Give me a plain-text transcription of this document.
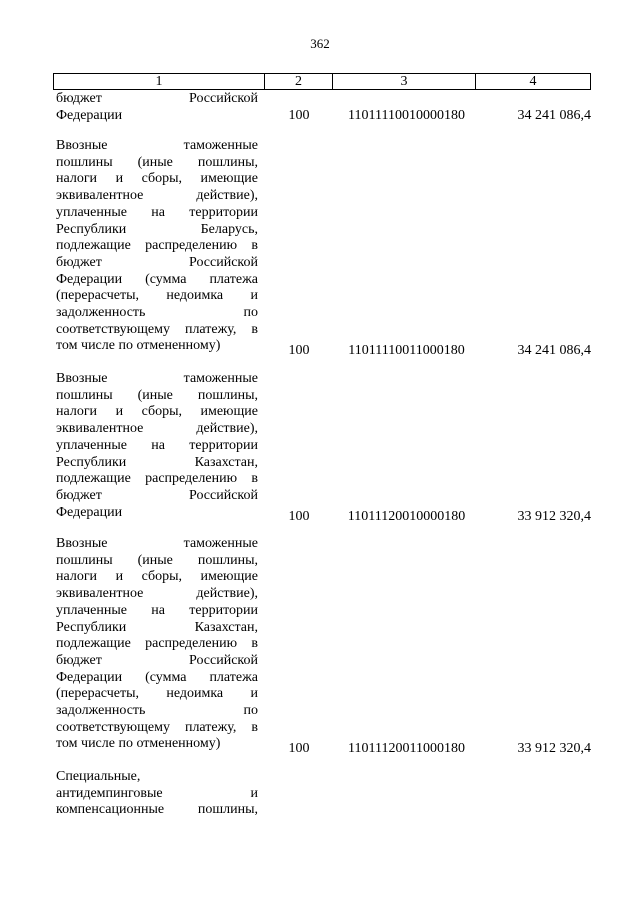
362
1	2	3	4
бюджет	Российской
Федерации	100	11011110010000180	34 241 086,4
Ввозные	таможенные
пошлины (иные пошлины,
налоги и сборы, имеющие
эквивалентное	действие),
уплаченные на территории
Республики	Беларусь,
подлежащие распределению в
бюджет	Российской
Федерации (сумма платежа
(перерасчеты, недоимка и
задолженность	по
соответствующему платежу, в
том числе по отмененному)	100	11011110011000180	34 241 086,4
Ввозные	таможенные
пошлины (иные пошлины,
налоги и сборы, имеющие
эквивалентное	действие),
уплаченные на территории
Республики	Казахстан,
подлежащие распределению в
бюджет	Российской
Федерации	100	11011120010000180	33 912 320,4
Ввозные	таможенные
пошлины (иные пошлины,
налоги и сборы, имеющие
эквивалентное	действие),
уплаченные на территории
Республики	Казахстан,
подлежащие распределению в
бюджет	Российской
Федерации (сумма платежа
(перерасчеты, недоимка и
задолженность	по
соответствующему платежу, в
том числе по отмененному)	100	11011120011000180	33 912 320,4
Специальные,
антидемпинговые	и
компенсационные пошлины,
